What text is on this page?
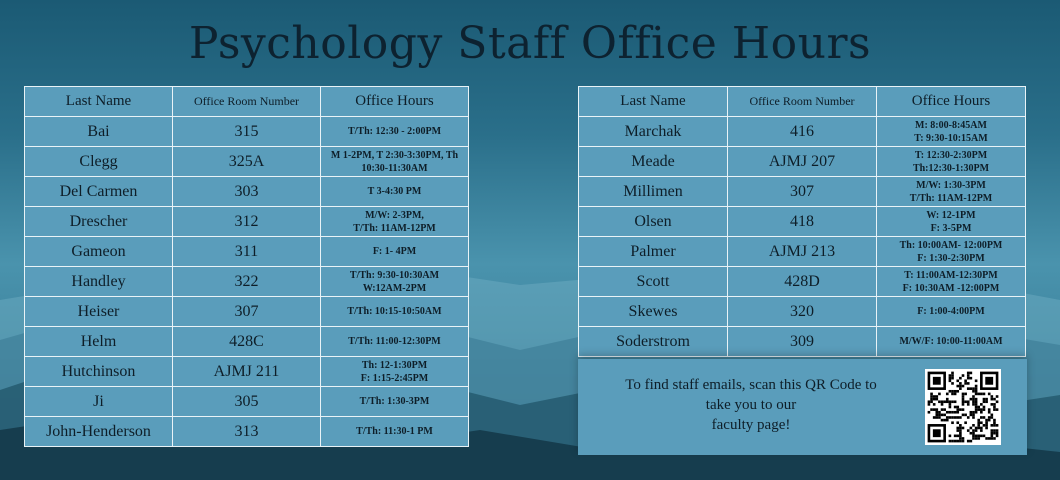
Psychology Staff Office Hours
Last Name	Office Room Number	Office Hours
Bai	315	T/Th: 12:30 - 2:00PM

Clegg	325A	M 1-2PM, T 2:30-3:30PM, Th
10:30-11:30AM

Del Carmen	303	T 3-4:30 PM

Drescher	312	M/W: 2-3PM,
T/Th: 11AM-12PM

Gameon	311	F: 1- 4PM

Handley	322	T/Th: 9:30-10:30AM
W:12AM-2PM

Heiser	307	T/Th: 10:15-10:50AM

Helm	428C	T/Th: 11:00-12:30PM

Hutchinson	AJMJ 211	Th: 12-1:30PM
F: 1:15-2:45PM

Ji	305	T/Th: 1:30-3PM

John-Henderson	313	T/Th: 11:30-1 PM
Last Name	Office Room Number	Office Hours
Marchak	416	M: 8:00-8:45AM
T: 9:30-10:15AM

Meade	AJMJ 207	T: 12:30-2:30PM
Th:12:30-1:30PM

Millimen	307	M/W: 1:30-3PM
T/Th: 11AM-12PM

Olsen	418	W: 12-1PM
F: 3-5PM

Palmer	AJMJ 213	Th: 10:00AM- 12:00PM
F: 1:30-2:30PM

Scott	428D	T: 11:00AM-12:30PM
F: 10:30AM -12:00PM

Skewes	320	F: 1:00-4:00PM

Soderstrom	309	M/W/F: 10:00-11:00AM
To find staff emails, scan this QR Code to
take you to our
faculty page!
